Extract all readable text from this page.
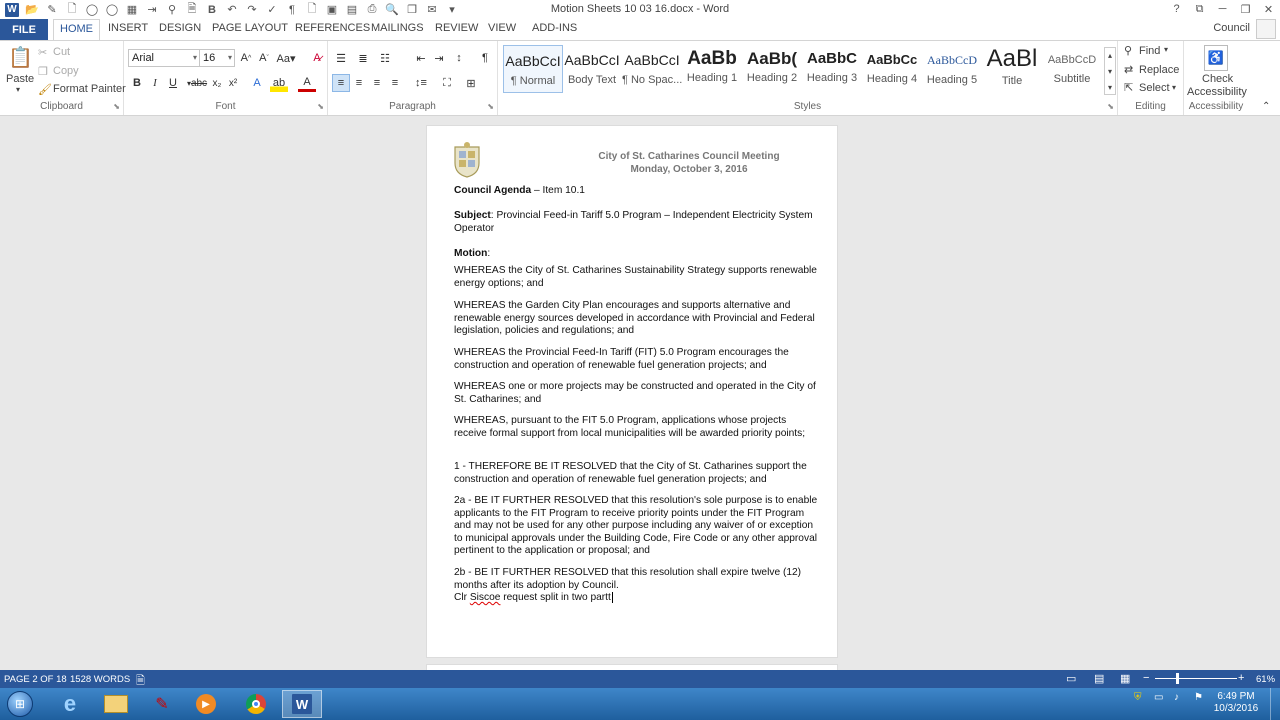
W 📂 ✎ 🗋 ◯ ◯ ▦ ⇥	⚲	🗎	B	↶ ↷ ✓	¶	🗋 ▣ ▤ ⎙ 🔍 ❐ ✉	▾	Motion Sheets 10 03 16.docx - Word	?	⧉	─	❐	✕
FILE	HOME	INSERT DESIGN PAGE LAYOUT REFERENCES MAILINGS REVIEW VIEW ADD-INS	Council
📋
Paste
▾
✂ Cut
❐ Copy
🖌 Format Painter
Clipboard	⬊
Arial	▾ 16 ▾ A ^ A ˇ Aa▾	A̷
B	I	U	▾ abc x₂ x²	A	ab	A
Font	⬊
☰	≣	☷	⇤ ⇥	↕	¶
≡	≡	≡	≡	↕≡	⛶	⊞
Paragraph	⬊
AaBbCcI
¶ Normal
AaBbCcI
Body Text
AaBbCcI
¶ No Spac...
AaBb
Heading 1
AaBb(
Heading 2
AaBbC
Heading 3
AaBbCc
Heading 4
AaBbCcD
Heading 5
AaBl
Title
AaBbCcD
Subtitle
▴
▾
▾
Styles	⬊
⚲ Find ▾
⇄ Replace
⇱ Select ▾
Editing
♿
Check
Accessibility
Accessibility	⌃
City of St. Catharines Council Meeting
Monday, October 3, 2016
Council Agenda – Item 10.1
Subject: Provincial Feed-in Tariff 5.0 Program – Independent Electricity System Operator
Motion:
WHEREAS the City of St. Catharines Sustainability Strategy supports renewable energy options; and
WHEREAS the Garden City Plan encourages and supports alternative and renewable energy sources developed in accordance with Provincial and Federal legislation, policies and regulations; and
WHEREAS the Provincial Feed-In Tariff (FIT) 5.0 Program encourages the construction and operation of renewable fuel generation projects; and
WHEREAS one or more projects may be constructed and operated in the City of St. Catharines; and
WHEREAS, pursuant to the FIT 5.0 Program, applications whose projects receive formal support from local municipalities will be awarded priority points;
1 - THEREFORE BE IT RESOLVED that the City of St. Catharines support the construction and operation of renewable fuel generation projects; and
2a - BE IT FURTHER RESOLVED that this resolution's sole purpose is to enable applicants to the FIT Program to receive priority points under the FIT Program and may not be used for any other purpose including any waiver of or exception to municipal approvals under the Building Code, Fire Code or any other approval pertinent to the application or proposal; and
2b - BE IT FURTHER RESOLVED that this resolution shall expire twelve (12) months after its adoption by Council.
Clr Siscoe request split in two partt
PAGE 2 OF 18 1528 WORDS 🗎	▭ ▤ ▦ −	+ 61%
⊞	e	✎	▶	W	⛨ ▭ ♪ ⚑	6:49 PM
10/3/2016
